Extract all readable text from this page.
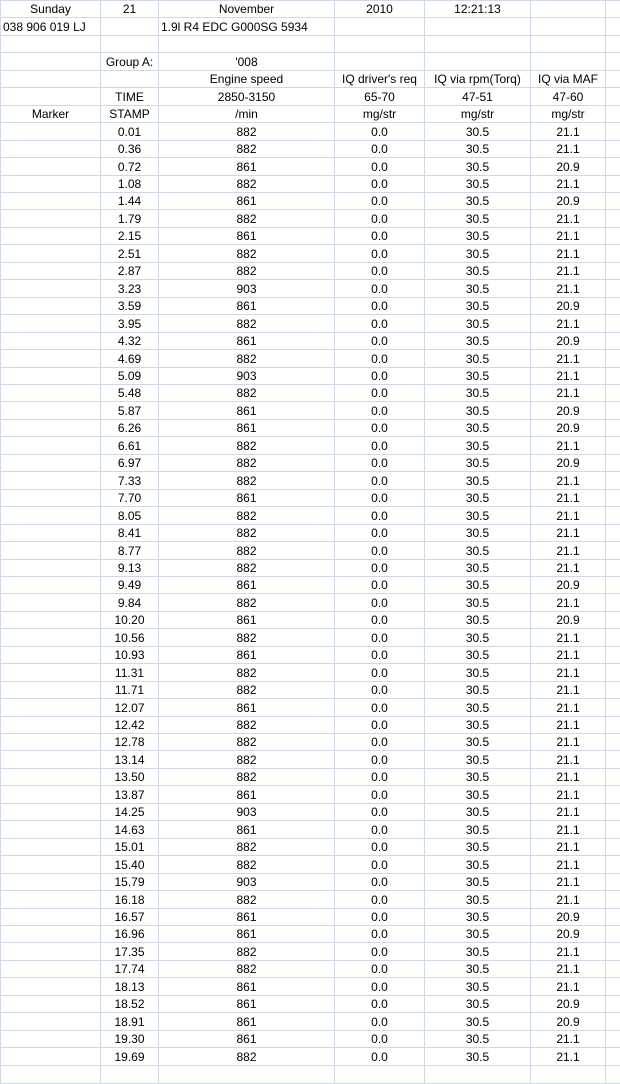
Sunday	21	November	2010	12:21:13		
038 906 019 LJ		1.9l R4 EDC G000SG 5934				

	Group A:	'008				
		Engine speed	IQ driver's req	IQ via rpm(Torq)	IQ via MAF	
	TIME	2850-3150	65-70	47-51	47-60	
Marker	STAMP	/min	mg/str	mg/str	mg/str	
	0.01	882	0.0	30.5	21.1	
	0.36	882	0.0	30.5	21.1	
	0.72	861	0.0	30.5	20.9	
	1.08	882	0.0	30.5	21.1	
	1.44	861	0.0	30.5	20.9	
	1.79	882	0.0	30.5	21.1	
	2.15	861	0.0	30.5	21.1	
	2.51	882	0.0	30.5	21.1	
	2.87	882	0.0	30.5	21.1	
	3.23	903	0.0	30.5	21.1	
	3.59	861	0.0	30.5	20.9	
	3.95	882	0.0	30.5	21.1	
	4.32	861	0.0	30.5	20.9	
	4.69	882	0.0	30.5	21.1	
	5.09	903	0.0	30.5	21.1	
	5.48	882	0.0	30.5	21.1	
	5.87	861	0.0	30.5	20.9	
	6.26	861	0.0	30.5	20.9	
	6.61	882	0.0	30.5	21.1	
	6.97	882	0.0	30.5	20.9	
	7.33	882	0.0	30.5	21.1	
	7.70	861	0.0	30.5	21.1	
	8.05	882	0.0	30.5	21.1	
	8.41	882	0.0	30.5	21.1	
	8.77	882	0.0	30.5	21.1	
	9.13	882	0.0	30.5	21.1	
	9.49	861	0.0	30.5	20.9	
	9.84	882	0.0	30.5	21.1	
	10.20	861	0.0	30.5	20.9	
	10.56	882	0.0	30.5	21.1	
	10.93	861	0.0	30.5	21.1	
	11.31	882	0.0	30.5	21.1	
	11.71	882	0.0	30.5	21.1	
	12.07	861	0.0	30.5	21.1	
	12.42	882	0.0	30.5	21.1	
	12.78	882	0.0	30.5	21.1	
	13.14	882	0.0	30.5	21.1	
	13.50	882	0.0	30.5	21.1	
	13.87	861	0.0	30.5	21.1	
	14.25	903	0.0	30.5	21.1	
	14.63	861	0.0	30.5	21.1	
	15.01	882	0.0	30.5	21.1	
	15.40	882	0.0	30.5	21.1	
	15.79	903	0.0	30.5	21.1	
	16.18	882	0.0	30.5	21.1	
	16.57	861	0.0	30.5	20.9	
	16.96	861	0.0	30.5	20.9	
	17.35	882	0.0	30.5	21.1	
	17.74	882	0.0	30.5	21.1	
	18.13	861	0.0	30.5	21.1	
	18.52	861	0.0	30.5	20.9	
	18.91	861	0.0	30.5	20.9	
	19.30	861	0.0	30.5	21.1	
	19.69	882	0.0	30.5	21.1	
